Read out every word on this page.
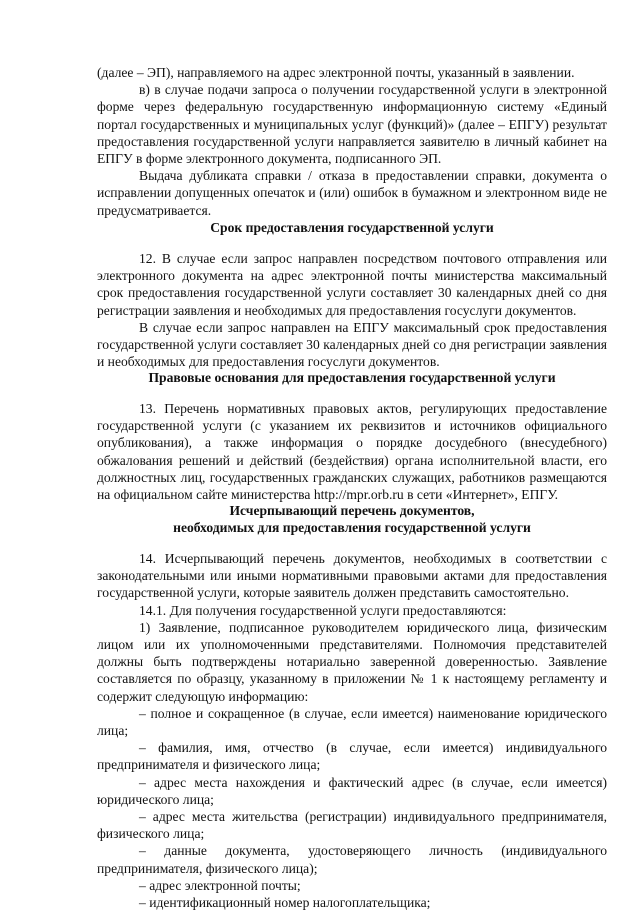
(далее – ЭП), направляемого на адрес электронной почты, указанный в заявлении.

в) в случае подачи запроса о получении государственной услуги в электронной форме через федеральную государственную информационную систему «Единый портал государственных и муниципальных услуг (функций)» (далее – ЕПГУ) результат предоставления государственной услуги направляется заявителю в личный кабинет на ЕПГУ в форме электронного документа, подписанного ЭП.

Выдача дубликата справки / отказа в предоставлении справки, документа о исправлении допущенных опечаток и (или) ошибок в бумажном и электронном виде не предусматривается.

Срок предоставления государственной услуги

12. В случае если запрос направлен посредством почтового отправления или электронного документа на адрес электронной почты министерства максимальный срок предоставления государственной услуги составляет 30 календарных дней со дня регистрации заявления и необходимых для предоставления госуслуги документов.

В случае если запрос направлен на ЕПГУ максимальный срок предоставления государственной услуги составляет 30 календарных дней со дня регистрации заявления и необходимых для предоставления госуслуги документов.

Правовые основания для предоставления государственной услуги

13. Перечень нормативных правовых актов, регулирующих предоставление государственной услуги (с указанием их реквизитов и источников официального опубликования), а также информация о порядке досудебного (внесудебного) обжалования решений и действий (бездействия) органа исполнительной власти, его должностных лиц, государственных гражданских служащих, работников размещаются на официальном сайте министерства http://mpr.orb.ru в сети «Интернет», ЕПГУ.

Исчерпывающий перечень документов,

необходимых для предоставления государственной услуги

14. Исчерпывающий перечень документов, необходимых в соответствии с законодательными или иными нормативными правовыми актами для предоставления государственной услуги, которые заявитель должен представить самостоятельно.

14.1. Для получения государственной услуги предоставляются:

1) Заявление, подписанное руководителем юридического лица, физическим лицом или их уполномоченными представителями. Полномочия представителей должны быть подтверждены нотариально заверенной доверенностью. Заявление составляется по образцу, указанному в приложении № 1 к настоящему регламенту и содержит следующую информацию:

– полное и сокращенное (в случае, если имеется) наименование юридического лица;

– фамилия, имя, отчество (в случае, если имеется) индивидуального предпринимателя и физического лица;

– адрес места нахождения и фактический адрес (в случае, если имеется) юридического лица;

– адрес места жительства (регистрации) индивидуального предпринимателя, физического лица;

– данные документа, удостоверяющего личность (индивидуального предпринимателя, физического лица);

– адрес электронной почты;

– идентификационный номер налогоплательщика;
